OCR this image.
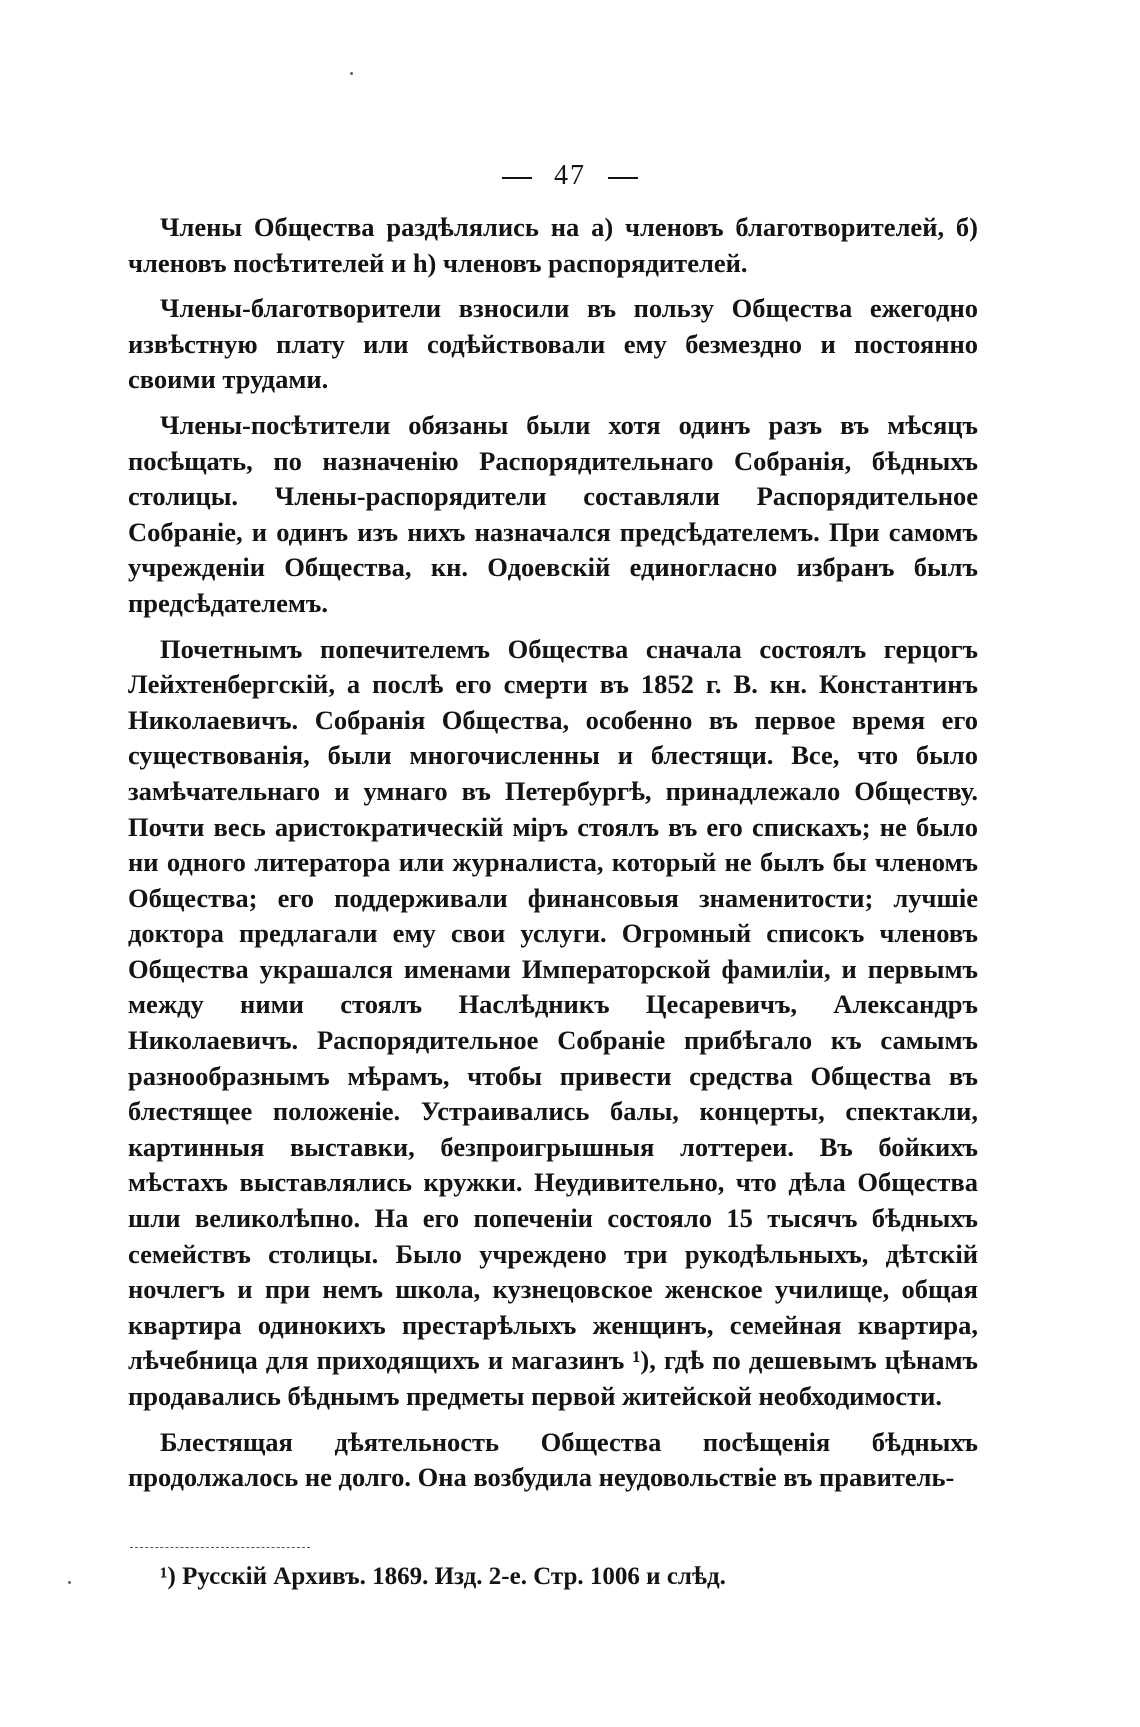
47

Члены Общества раздѣлялись на а) членовъ благотворителей, б) членовъ посѣтителей и h) членовъ распорядителей.

Члены-благотворители взносили въ пользу Общества ежегодно извѣстную плату или содѣйствовали ему безмездно и постоянно своими трудами.

Члены-посѣтители обязаны были хотя одинъ разъ въ мѣсяцъ посѣщать, по назначенію Распорядительнаго Собранія, бѣдныхъ столицы. Члены-распорядители составляли Распорядительное Собраніе, и одинъ изъ нихъ назначался предсѣдателемъ. При самомъ учрежденіи Общества, кн. Одоевскій единогласно избранъ былъ предсѣдателемъ.

Почетнымъ попечителемъ Общества сначала состоялъ герцогъ Лейхтенбергскій, а послѣ его смерти въ 1852 г. В. кн. Константинъ Николаевичъ. Собранія Общества, особенно въ первое время его существованія, были многочисленны и блестящи. Все, что было замѣчательнаго и умнаго въ Петербургѣ, принадлежало Обществу. Почти весь аристократическій міръ стоялъ въ его спискахъ; не было ни одного литератора или журналиста, который не былъ бы членомъ Общества; его поддерживали финансовыя знаменитости; лучшіе доктора предлагали ему свои услуги. Огромный списокъ членовъ Общества украшался именами Императорской фамиліи, и первымъ между ними стоялъ Наслѣдникъ Цесаревичъ, Александръ Николаевичъ. Распорядительное Собраніе прибѣгало къ самымъ разнообразнымъ мѣрамъ, чтобы привести средства Общества въ блестящее положеніе. Устраивались балы, концерты, спектакли, картинныя выставки, безпроигрышныя лоттереи. Въ бойкихъ мѣстахъ выставлялись кружки. Неудивительно, что дѣла Общества шли великолѣпно. На его попеченіи состояло 15 тысячъ бѣдныхъ семействъ столицы. Было учреждено три рукодѣльныхъ, дѣтскій ночлегъ и при немъ школа, кузнецовское женское училище, общая квартира одинокихъ престарѣлыхъ женщинъ, семейная квартира, лѣчебница для приходящихъ и магазинъ ¹), гдѣ по дешевымъ цѣнамъ продавались бѣднымъ предметы первой житейской необходимости.

Блестящая дѣятельность Общества посѣщенія бѣдныхъ продолжалось не долго. Она возбудила неудовольствіе въ правитель-

¹) Русскій Архивъ. 1869. Изд. 2-е. Стр. 1006 и слѣд.
